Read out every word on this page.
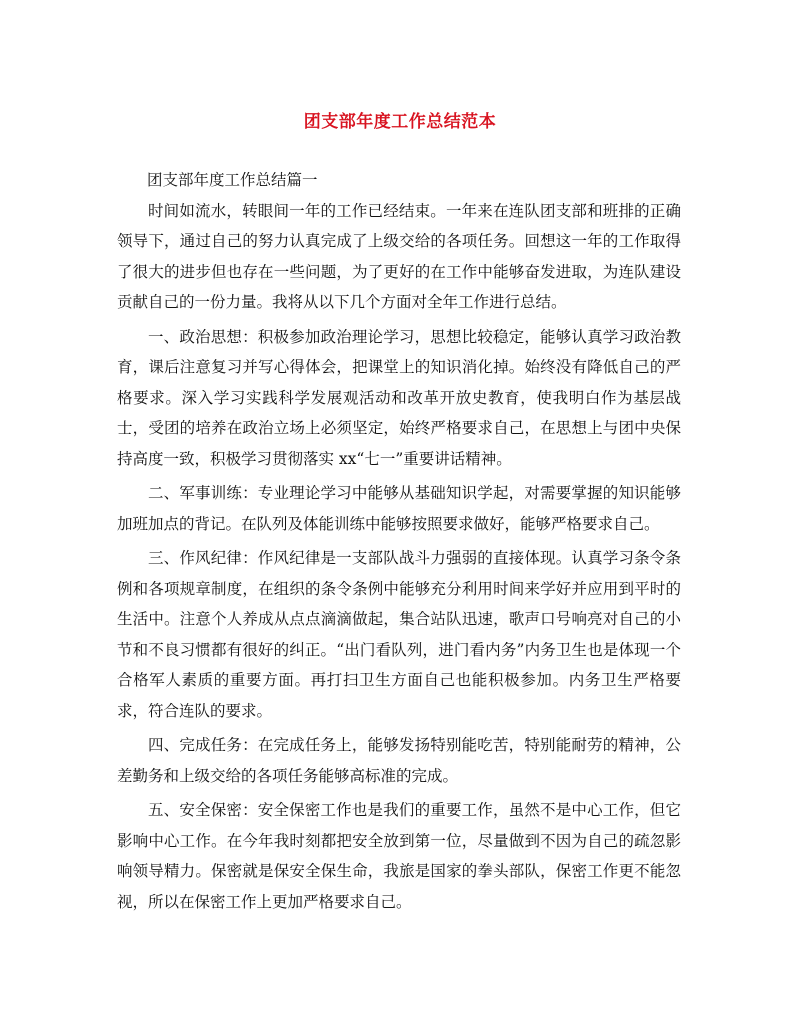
团支部年度工作总结范本
团支部年度工作总结篇一

时间如流水，转眼间一年的工作已经结束。一年来在连队团支部和班排的正确领导下，通过自己的努力认真完成了上级交给的各项任务。回想这一年的工作取得了很大的进步但也存在一些问题，为了更好的在工作中能够奋发进取，为连队建设贡献自己的一份力量。我将从以下几个方面对全年工作进行总结。

一、政治思想：积极参加政治理论学习，思想比较稳定，能够认真学习政治教育，课后注意复习并写心得体会，把课堂上的知识消化掉。始终没有降低自己的严格要求。深入学习实践科学发展观活动和改革开放史教育，使我明白作为基层战士，受团的培养在政治立场上必须坚定，始终严格要求自己，在思想上与团中央保持高度一致，积极学习贯彻落实 xx“七一”重要讲话精神。

二、军事训练：专业理论学习中能够从基础知识学起，对需要掌握的知识能够加班加点的背记。在队列及体能训练中能够按照要求做好，能够严格要求自己。

三、作风纪律：作风纪律是一支部队战斗力强弱的直接体现。认真学习条令条例和各项规章制度，在组织的条令条例中能够充分利用时间来学好并应用到平时的生活中。注意个人养成从点点滴滴做起，集合站队迅速，歌声口号响亮对自己的小节和不良习惯都有很好的纠正。“出门看队列，进门看内务”内务卫生也是体现一个合格军人素质的重要方面。再打扫卫生方面自己也能积极参加。内务卫生严格要求，符合连队的要求。

四、完成任务：在完成任务上，能够发扬特别能吃苦，特别能耐劳的精神，公差勤务和上级交给的各项任务能够高标准的完成。

五、安全保密：安全保密工作也是我们的重要工作，虽然不是中心工作，但它影响中心工作。在今年我时刻都把安全放到第一位，尽量做到不因为自己的疏忽影响领导精力。保密就是保安全保生命，我旅是国家的拳头部队，保密工作更不能忽视，所以在保密工作上更加严格要求自己。
